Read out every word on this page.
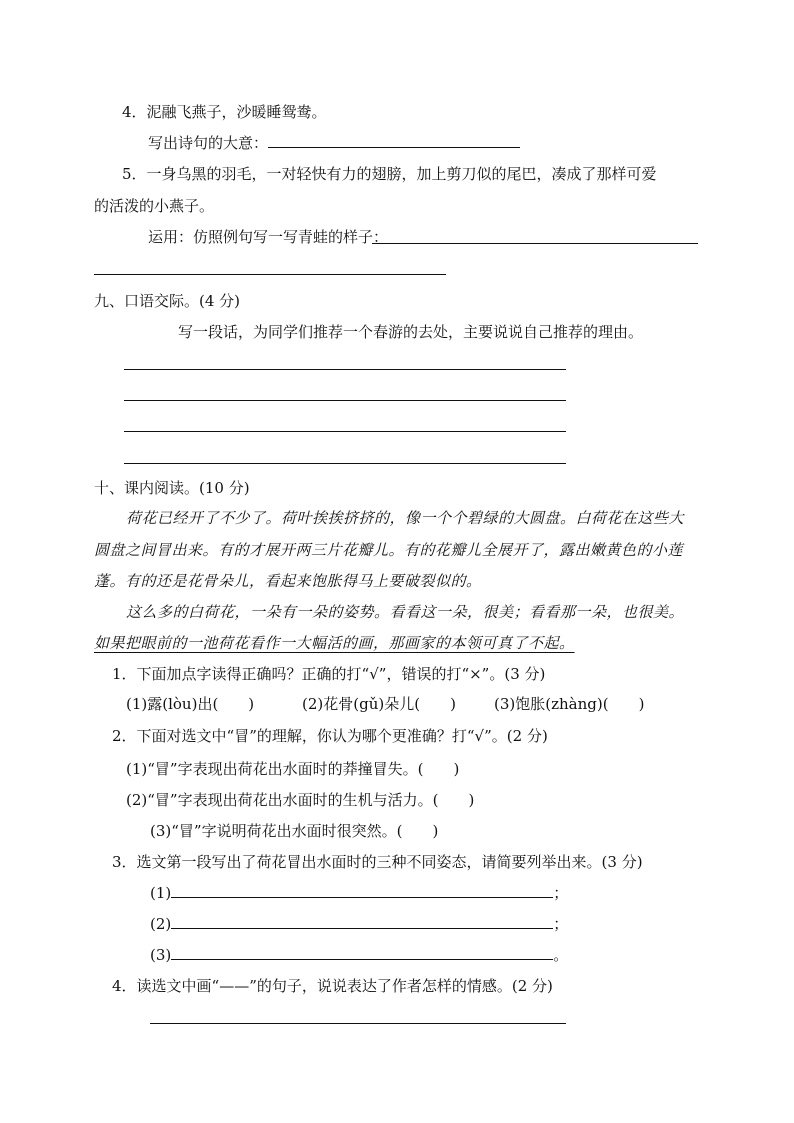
4．泥融飞燕子，沙暖睡鸳鸯。
写出诗句的大意：
5．一身乌黑的羽毛，一对轻快有力的翅膀，加上剪刀似的尾巴，凑成了那样可爱
的活泼的小燕子。
运用：仿照例句写一写青蛙的样子：
九、口语交际。(4 分)
写一段话，为同学们推荐一个春游的去处，主要说说自己推荐的理由。
十、课内阅读。(10 分)
荷花已经开了不少了。荷叶挨挨挤挤的，像一个个碧绿的大圆盘。白荷花在这些大
圆盘之间冒出来。有的才展开两三片花瓣儿。有的花瓣儿全展开了，露出嫩黄色的小莲
蓬。有的还是花骨朵儿，看起来饱胀得马上要破裂似的。
这么多的白荷花，一朵有一朵的姿势。看看这一朵，很美；看看那一朵，也很美。
如果把眼前的一池荷花看作一大幅活的画，那画家的本领可真了不起。
1．下面加点字读得正确吗？正确的打“√”，错误的打“×”。(3 分)
(1)露(lòu)出(　　)	(2)花骨(gǔ)朵儿(　　)	(3)饱胀(zhàng)(　　)
2．下面对选文中“冒”的理解，你认为哪个更准确？打“√”。(2 分)
(1)“冒”字表现出荷花出水面时的莽撞冒失。(　　)
(2)“冒”字表现出荷花出水面时的生机与活力。(　　)
(3)“冒”字说明荷花出水面时很突然。(　　)
3．选文第一段写出了荷花冒出水面时的三种不同姿态，请简要列举出来。(3 分)
(1)	；
(2)	；
(3)	。
4．读选文中画“——”的句子，说说表达了作者怎样的情感。(2 分)
